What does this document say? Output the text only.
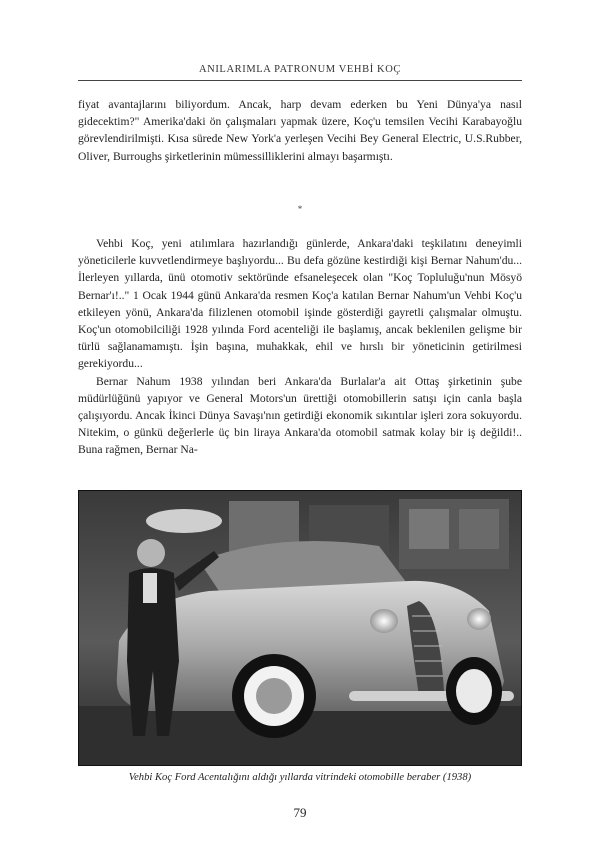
ANILARIMLA PATRONUM VEHBİ KOÇ

fiyat avantajlarını biliyordum. Ancak, harp devam ederken bu Yeni Dünya'ya nasıl gidecektim?" Amerika'daki ön çalışmaları yapmak üzere, Koç'u temsilen Vecihi Karabayoğlu görevlendirilmişti. Kısa sürede New York'a yerleşen Vecihi Bey General Electric, U.S.Rubber, Oliver, Burroughs şirketlerinin mümessilliklerini almayı başarmıştı.

*

Vehbi Koç, yeni atılımlara hazırlandığı günlerde, Ankara'daki teşkilatını deneyimli yöneticilerle kuvvetlendirmeye başlıyordu... Bu defa gözüne kestirdiği kişi Bernar Nahum'du... İlerleyen yıllarda, ünü otomotiv sektöründe efsaneleşecek olan "Koç Topluluğu'nun Mösyö Bernar'ı!.." 1 Ocak 1944 günü Ankara'da resmen Koç'a katılan Bernar Nahum'un Vehbi Koç'u etkileyen yönü, Ankara'da filizlenen otomobil işinde gösterdiği gayretli çalışmalar olmuştu. Koç'un otomobilciliği 1928 yılında Ford acenteliği ile başlamış, ancak beklenilen gelişme bir türlü sağlanamamıştı. İşin başına, muhakkak, ehil ve hırslı bir yöneticinin getirilmesi gerekiyordu...

Bernar Nahum 1938 yılından beri Ankara'da Burlalar'a ait Ottaş şirketinin şube müdürlüğünü yapıyor ve General Motors'un ürettiği otomobillerin satışı için canla başla çalışıyordu. Ancak İkinci Dünya Savaşı'nın getirdiği ekonomik sıkıntılar işleri zora sokuyordu. Nitekim, o günkü değerlerle üç bin liraya Ankara'da otomobil satmak kolay bir iş değildi!.. Buna rağmen, Bernar Na-

Vehbi Koç Ford Acentalığını aldığı yıllarda vitrindeki otomobille beraber (1938)
79
